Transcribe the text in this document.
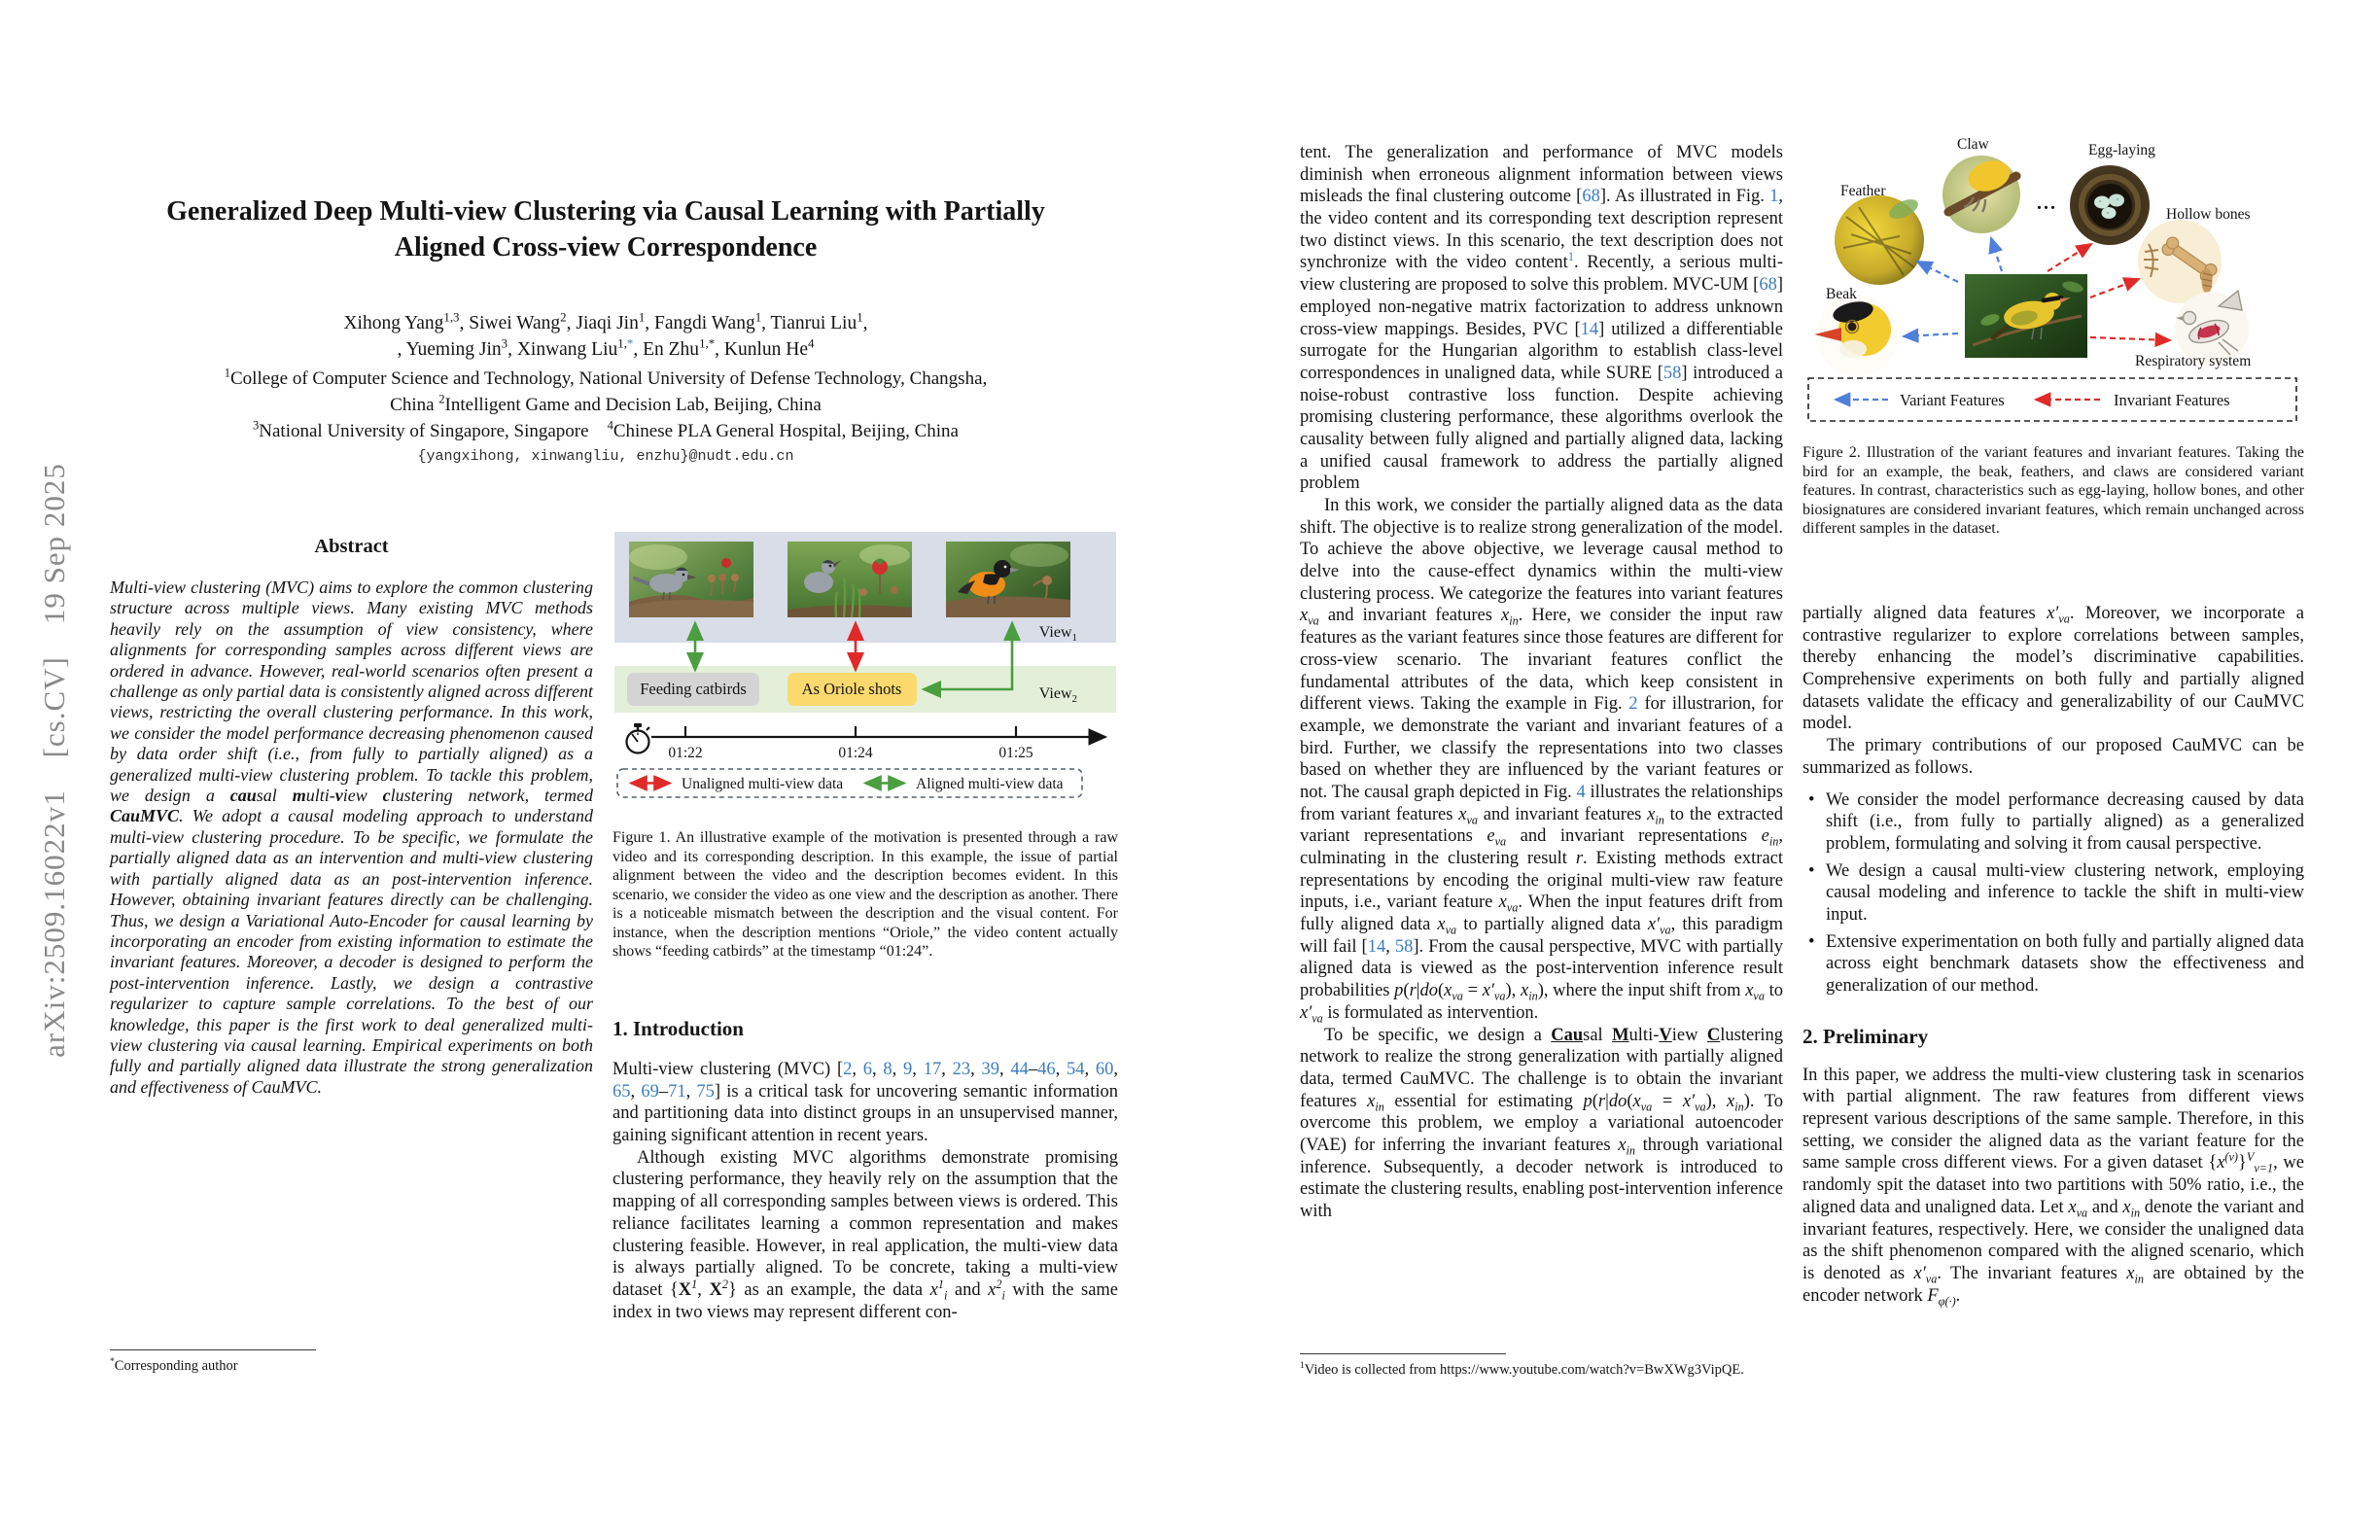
arXiv:2509.16022v1  [cs.CV]  19 Sep 2025
Generalized Deep Multi-view Clustering via Causal Learning with Partially
Aligned Cross-view Correspondence
Xihong Yang$^{1,3}$, Siwei Wang$^2$, Jiaqi Jin$^1$, Fangdi Wang$^1$, Tianrui Liu$^1$,
, Yueming Jin$^3$, Xinwang Liu$^{1,*}$, En Zhu$^{1,*}$, Kunlun He$^4$
$^1$College of Computer Science and Technology, National University of Defense Technology, Changsha,
China $^2$Intelligent Game and Decision Lab, Beijing, China
$^3$National University of Singapore, Singapore $^4$Chinese PLA General Hospital, Beijing, China
{yangxihong, xinwangliu, enzhu}@nudt.edu.cn
Abstract

Multi-view clustering (MVC) aims to explore the common clustering structure across multiple views. Many existing MVC methods heavily rely on the assumption of view consistency, where alignments for corresponding samples across different views are ordered in advance. However, real-world scenarios often present a challenge as only partial data is consistently aligned across different views, restricting the overall clustering performance. In this work, we consider the model performance decreasing phenomenon caused by data order shift (i.e., from fully to partially aligned) as a generalized multi-view clustering problem. To tackle this problem, we design a causal multi-view clustering network, termed CauMVC. We adopt a causal modeling approach to understand multi-view clustering procedure. To be specific, we formulate the partially aligned data as an intervention and multi-view clustering with partially aligned data as an post-intervention inference. However, obtaining invariant features directly can be challenging. Thus, we design a Variational Auto-Encoder for causal learning by incorporating an encoder from existing information to estimate the invariant features. Moreover, a decoder is designed to perform the post-intervention inference. Lastly, we design a contrastive regularizer to capture sample correlations. To the best of our knowledge, this paper is the first work to deal generalized multi-view clustering via causal learning. Empirical experiments on both fully and partially aligned data illustrate the strong generalization and effectiveness of CauMVC.

*Corresponding author
View$_1$
View$_2$
Feeding catbirds	As Oriole shots
01:22	01:24	01:25
Unaligned multi-view data	Aligned multi-view data
Figure 1. An illustrative example of the motivation is presented through a raw video and its corresponding description. In this example, the issue of partial alignment between the video and the description becomes evident. In this scenario, we consider the video as one view and the description as another. There is a noticeable mismatch between the description and the visual content. For instance, when the description mentions “Oriole,” the video content actually shows “feeding catbirds” at the timestamp “01:24”.
1. Introduction

Multi-view clustering (MVC) [2, 6, 8, 9, 17, 23, 39, 44–46, 54, 60, 65, 69–71, 75] is a critical task for uncovering semantic information and partitioning data into distinct groups in an unsupervised manner, gaining significant attention in recent years.

Although existing MVC algorithms demonstrate promising clustering performance, they heavily rely on the assumption that the mapping of all corresponding samples between views is ordered. This reliance facilitates learning a common representation and makes clustering feasible. However, in real application, the multi-view data is always partially aligned. To be concrete, taking a multi-view dataset {$X^1$, $X^2$} as an example, the data $x^1_i$ and $x^2_i$ with the same index in two views may represent different con-

tent. The generalization and performance of MVC models diminish when erroneous alignment information between views misleads the final clustering outcome [68]. As illustrated in Fig. 1, the video content and its corresponding text description represent two distinct views. In this scenario, the text description does not synchronize with the video content$^1$. Recently, a serious multi-view clustering are proposed to solve this problem. MVC-UM [68] employed non-negative matrix factorization to address unknown cross-view mappings. Besides, PVC [14] utilized a differentiable surrogate for the Hungarian algorithm to establish class-level correspondences in unaligned data, while SURE [58] introduced a noise-robust contrastive loss function. Despite achieving promising clustering performance, these algorithms overlook the causality between fully aligned and partially aligned data, lacking a unified causal framework to address the partially aligned problem

In this work, we consider the partially aligned data as the data shift. The objective is to realize strong generalization of the model. To achieve the above objective, we leverage causal method to delve into the cause-effect dynamics within the multi-view clustering process. We categorize the features into variant features $x_{va}$ and invariant features $x_{in}$. Here, we consider the input raw features as the variant features since those features are different for cross-view scenario. The invariant features conflict the fundamental attributes of the data, which keep consistent in different views. Taking the example in Fig. 2 for illustrarion, for example, we demonstrate the variant and invariant features of a bird. Further, we classify the representations into two classes based on whether they are influenced by the variant features or not. The causal graph depicted in Fig. 4 illustrates the relationships from variant features $x_{va}$ and invariant features $x_{in}$ to the extracted variant representations $e_{va}$ and invariant representations $e_{in}$, culminating in the clustering result r. Existing methods extract representations by encoding the original multi-view raw feature inputs, i.e., variant feature $x_{va}$. When the input features drift from fully aligned data $x_{va}$ to partially aligned data $x'_{va}$, this paradigm will fail [14, 58]. From the causal perspective, MVC with partially aligned data is viewed as the post-intervention inference result probabilities $p(r|do(x_{va} = x'_{va})$, $x_{in}$), where the input shift from $x_{va}$ to $x'_{va}$ is formulated as intervention.

To be specific, we design a Causal Multi-View Clustering network to realize the strong generalization with partially aligned data, termed CauMVC. The challenge is to obtain the invariant features $x_{in}$ essential for estimating $p(r|do(x_{va} = x'_{va})$, $x_{in}$). To overcome this problem, we employ a variational autoencoder (VAE) for inferring the invariant features $x_{in}$ through variational inference. Subsequently, a decoder network is introduced to estimate the clustering results, enabling post-intervention inference with

$^1$Video is collected from https://www.youtube.com/watch?v=BwXWg3VipQE.
Feather
Claw	Egg-laying
Hollow bones
Beak
Respiratory system
...
Variant Features	Invariant Features
Figure 2. Illustration of the variant features and invariant features. Taking the bird for an example, the beak, feathers, and claws are considered variant features. In contrast, characteristics such as egg-laying, hollow bones, and other biosignatures are considered invariant features, which remain unchanged across different samples in the dataset.

partially aligned data features $x'_{va}$. Moreover, we incorporate a contrastive regularizer to explore correlations between samples, thereby enhancing the model’s discriminative capabilities. Comprehensive experiments on both fully and partially aligned datasets validate the efficacy and generalizability of our CauMVC model.

The primary contributions of our proposed CauMVC can be summarized as follows.

• We consider the model performance decreasing caused by data shift (i.e., from fully to partially aligned) as a generalized problem, formulating and solving it from causal perspective.
• We design a causal multi-view clustering network, employing causal modeling and inference to tackle the shift in multi-view input.
• Extensive experimentation on both fully and partially aligned data across eight benchmark datasets show the effectiveness and generalization of our method.
2. Preliminary

In this paper, we address the multi-view clustering task in scenarios with partial alignment. The raw features from different views represent various descriptions of the same sample. Therefore, in this setting, we consider the aligned data as the variant feature for the same sample cross different views. For a given dataset $\{x^{(v)}\}^V_{v=1}$, we randomly spit the dataset into two partitions with 50% ratio, i.e., the aligned data and unaligned data. Let $x_{va}$ and $x_{in}$ denote the variant and invariant features, respectively. Here, we consider the unaligned data as the shift phenomenon compared with the aligned scenario, which is denoted as $x'_{va}$. The invariant features $x_{in}$ are obtained by the encoder network $F_{\varphi(\cdot)}$.
